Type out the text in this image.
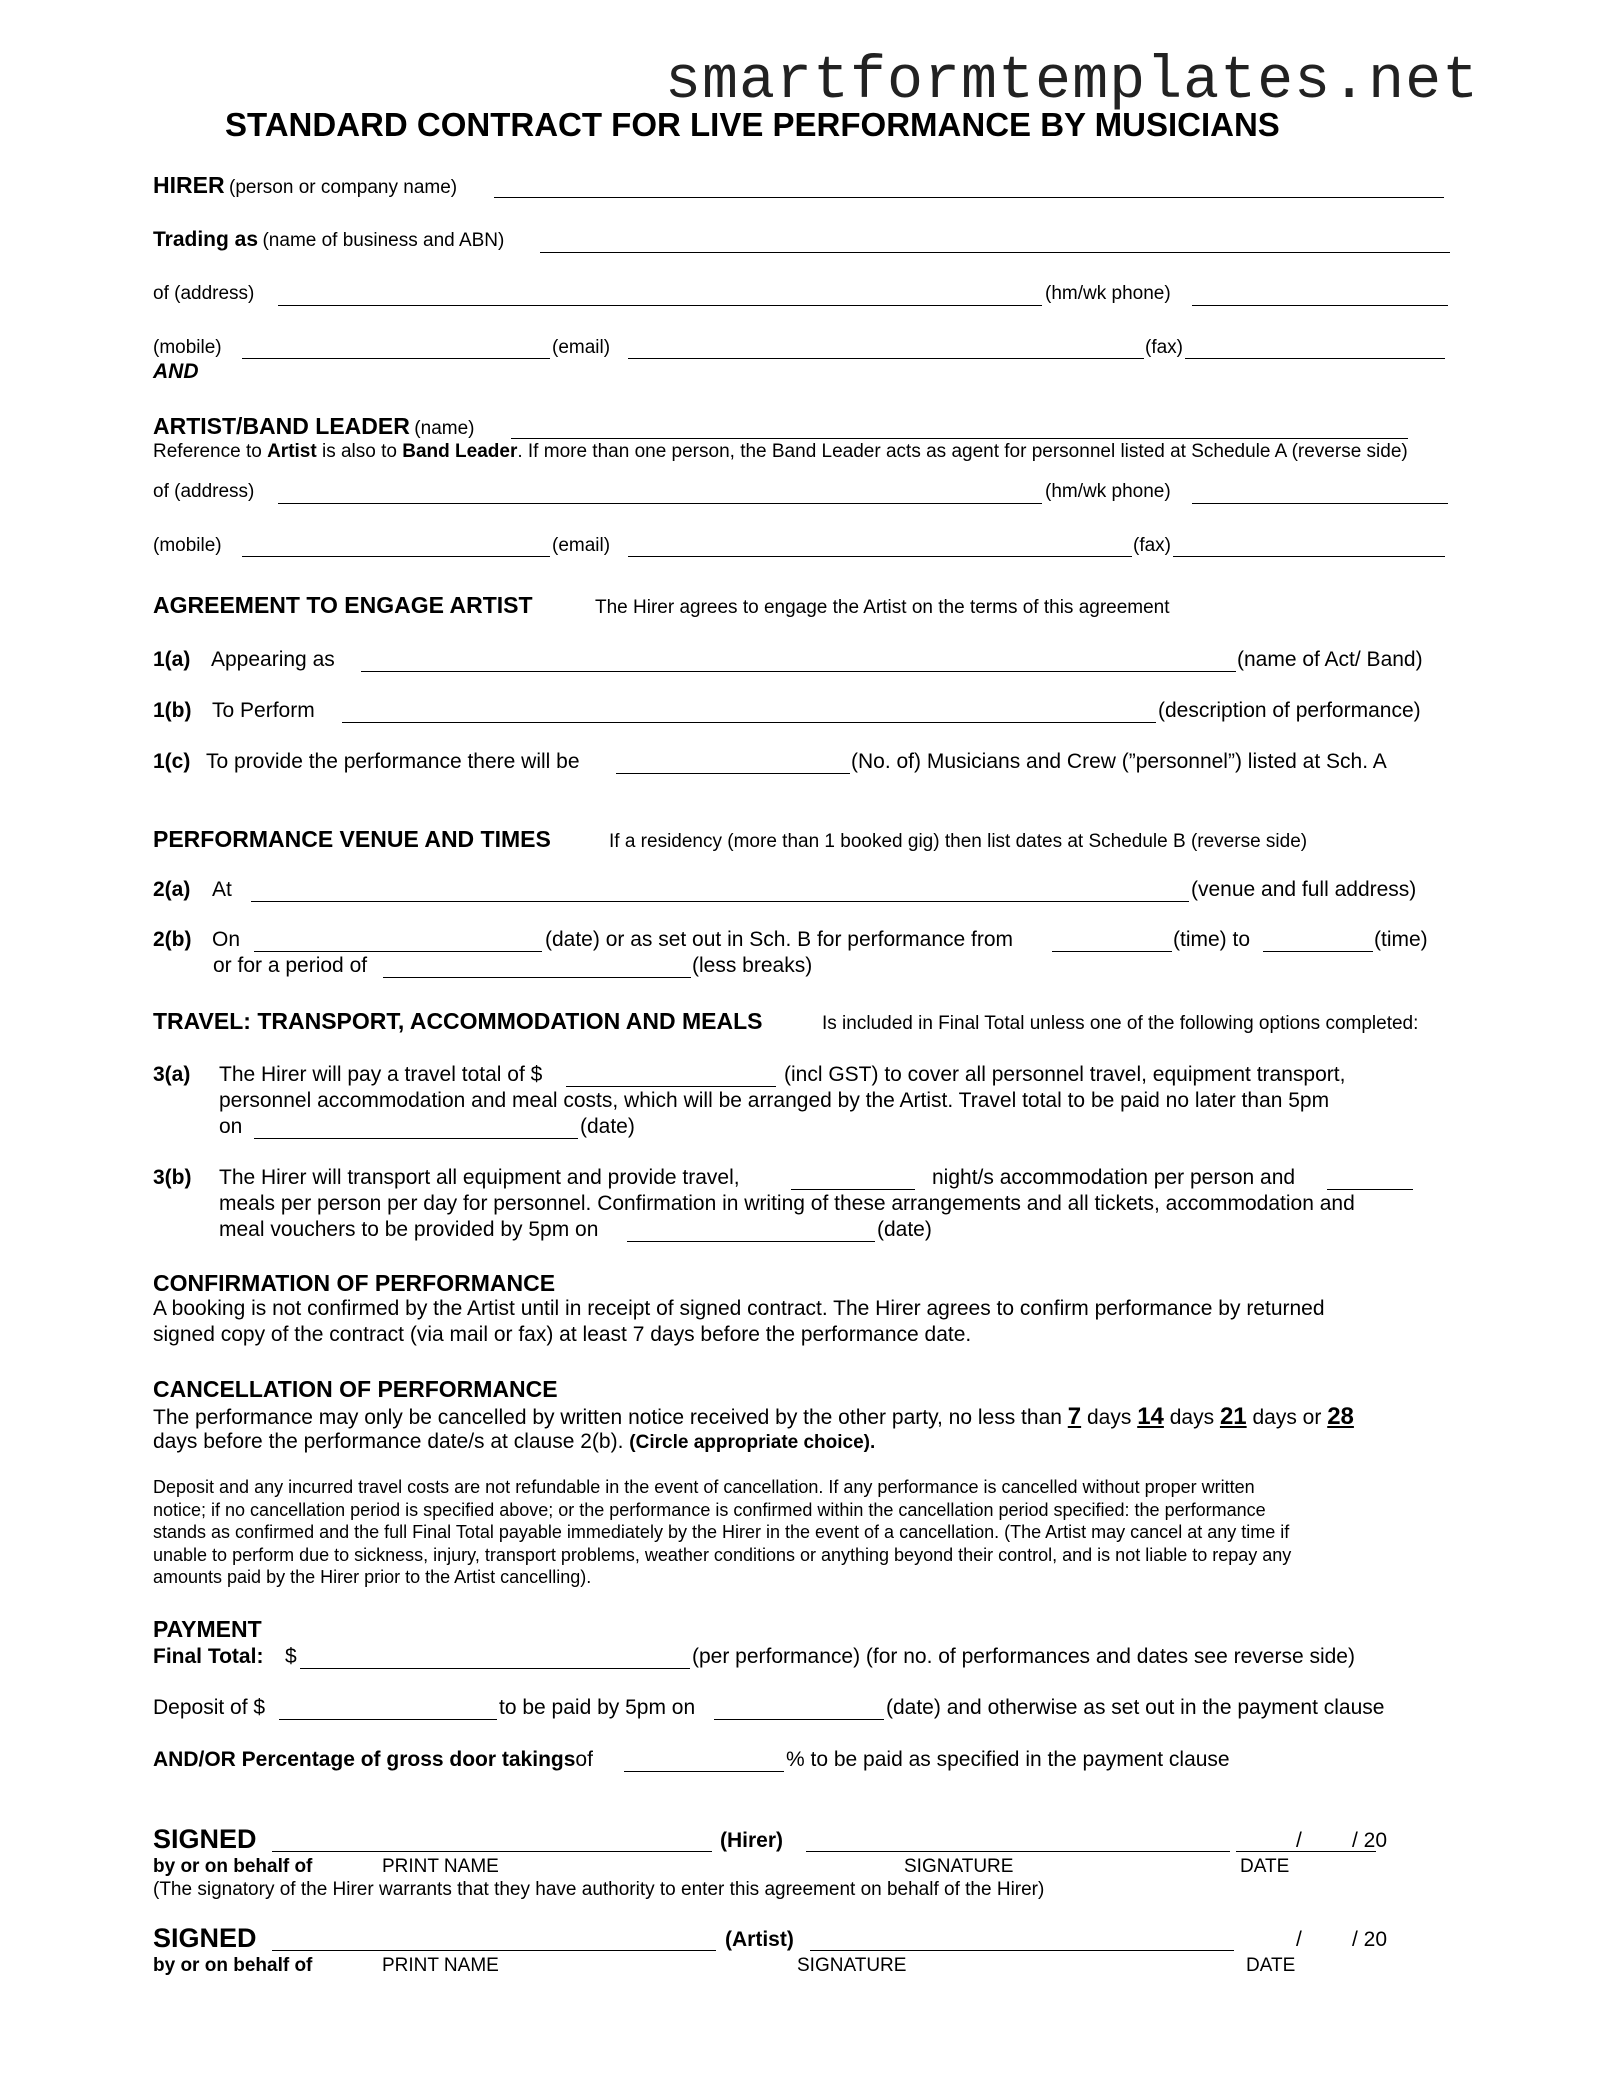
smartformtemplates.net
STANDARD CONTRACT FOR LIVE PERFORMANCE BY MUSICIANS
HIRER (person or company name)
Trading as (name of business and ABN)
of (address)	(hm/wk phone)
(mobile)	(email)	(fax)
AND
ARTIST/BAND LEADER (name)
Reference to Artist is also to Band Leader. If more than one person, the Band Leader acts as agent for personnel listed at Schedule A (reverse side)
of (address)	(hm/wk phone)
(mobile)	(email)	(fax)
AGREEMENT TO ENGAGE ARTIST	The Hirer agrees to engage the Artist on the terms of this agreement
1(a) Appearing as	(name of Act/ Band)
1(b) To Perform	(description of performance)
1(c) To provide the performance there will be	(No. of) Musicians and Crew (”personnel”) listed at Sch. A
PERFORMANCE VENUE AND TIMES	If a residency (more than 1 booked gig) then list dates at Schedule B (reverse side)
2(a) At	(venue and full address)
2(b) On	(date) or as set out in Sch. B for performance from	(time) to	(time)
or for a period of	(less breaks)
TRAVEL: TRANSPORT, ACCOMMODATION AND MEALS	Is included in Final Total unless one of the following options completed:
3(a) The Hirer will pay a travel total of $	(incl GST) to cover all personnel travel, equipment transport,
personnel accommodation and meal costs, which will be arranged by the Artist. Travel total to be paid no later than 5pm
on	(date)
3(b) The Hirer will transport all equipment and provide travel,	night/s accommodation per person and
meals per person per day for personnel. Confirmation in writing of these arrangements and all tickets, accommodation and
meal vouchers to be provided by 5pm on	(date)
CONFIRMATION OF PERFORMANCE
A booking is not confirmed by the Artist until in receipt of signed contract. The Hirer agrees to confirm performance by returned
signed copy of the contract (via mail or fax) at least 7 days before the performance date.
CANCELLATION OF PERFORMANCE
The performance may only be cancelled by written notice received by the other party, no less than 7 days 14 days 21 days or 28
days before the performance date/s at clause 2(b). (Circle appropriate choice).
Deposit and any incurred travel costs are not refundable in the event of cancellation. If any performance is cancelled without proper written
notice; if no cancellation period is specified above; or the performance is confirmed within the cancellation period specified: the performance
stands as confirmed and the full Final Total payable immediately by the Hirer in the event of a cancellation. (The Artist may cancel at any time if
unable to perform due to sickness, injury, transport problems, weather conditions or anything beyond their control, and is not liable to repay any
amounts paid by the Hirer prior to the Artist cancelling).
PAYMENT
Final Total: $	(per performance) (for no. of performances and dates see reverse side)
Deposit of $	to be paid by 5pm on	(date) and otherwise as set out in the payment clause
AND/OR Percentage of gross door takingsof	% to be paid as specified in the payment clause
SIGNED	(Hirer)	/ / 20
by or on behalf of	PRINT NAME	SIGNATURE	DATE
(The signatory of the Hirer warrants that they have authority to enter this agreement on behalf of the Hirer)
SIGNED	(Artist)	/ / 20
by or on behalf of	PRINT NAME	SIGNATURE	DATE
